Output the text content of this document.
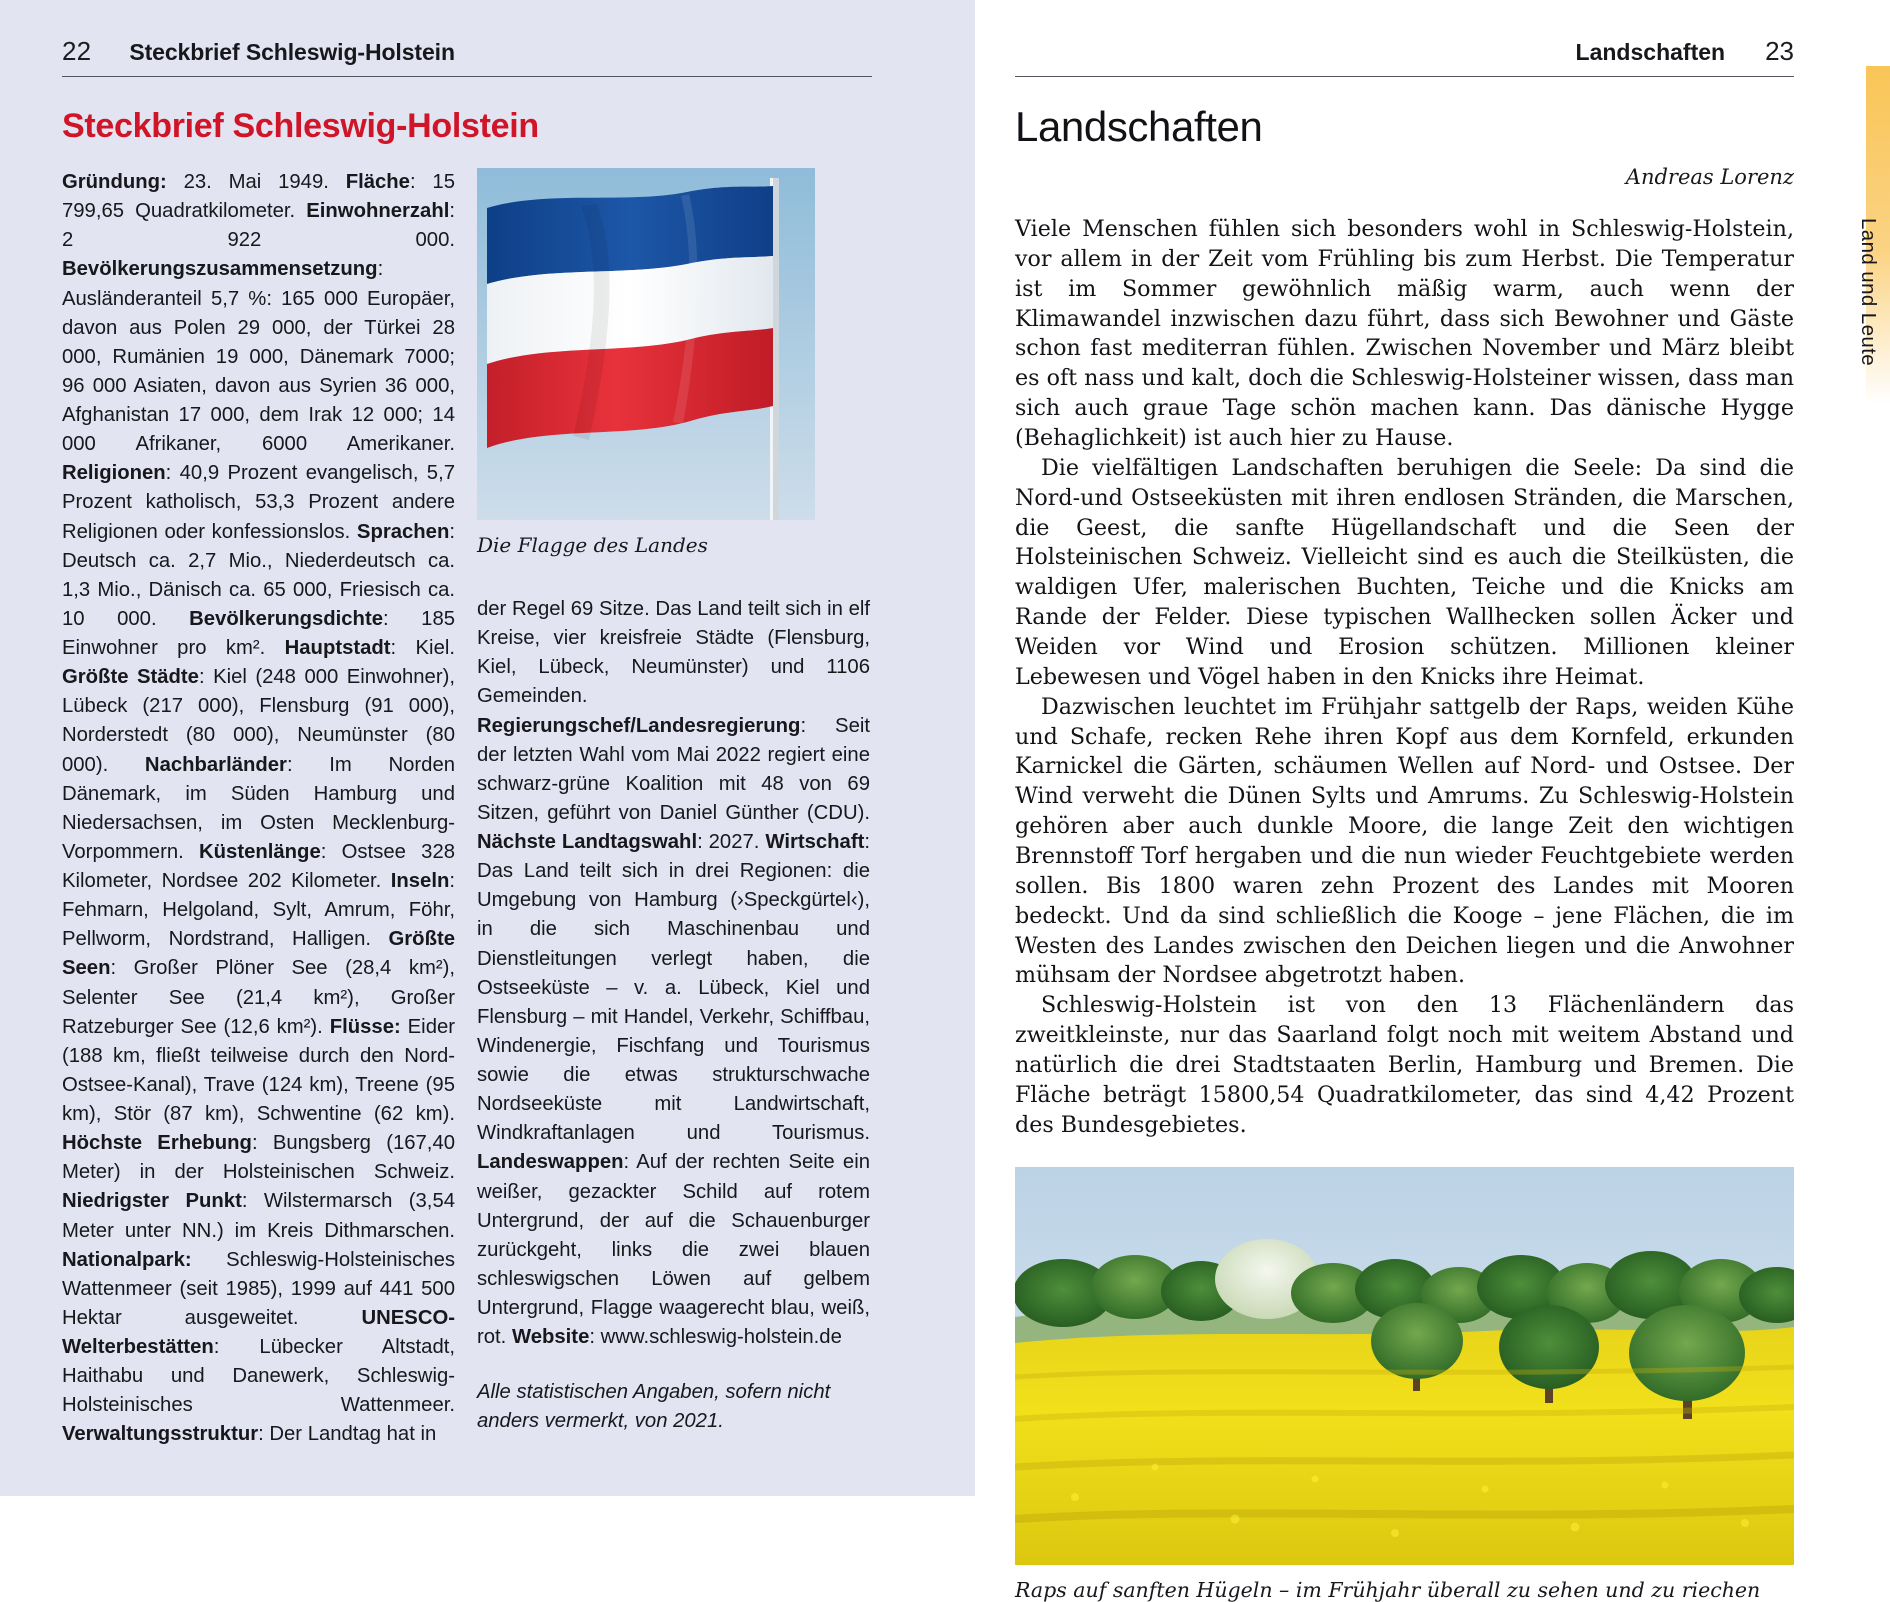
22 Steckbrief Schleswig-Holstein
Steckbrief Schleswig-Holstein

Gründung: 23. Mai 1949. Fläche: 15 799,65 Quadratkilometer. Einwohnerzahl: 2 922 000. Bevölkerungszusammensetzung: Ausländeranteil 5,7 %: 165 000 Europäer, davon aus Polen 29 000, der Türkei 28 000, Rumänien 19 000, Dänemark 7000; 96 000 Asiaten, davon aus Syrien 36 000, Afghanistan 17 000, dem Irak 12 000; 14 000 Afrikaner, 6000 Amerikaner. Religionen: 40,9 Prozent evangelisch, 5,7 Prozent katholisch, 53,3 Prozent andere Religionen oder konfessionslos. Sprachen: Deutsch ca. 2,7 Mio., Niederdeutsch ca. 1,3 Mio., Dänisch ca. 65 000, Friesisch ca. 10 000. Bevölkerungsdichte: 185 Einwohner pro km². Hauptstadt: Kiel. Größte Städte: Kiel (248 000 Einwohner), Lübeck (217 000), Flensburg (91 000), Norderstedt (80 000), Neumünster (80 000). Nachbarländer: Im Norden Dänemark, im Süden Hamburg und Niedersachsen, im Osten Mecklenburg-Vorpommern. Küstenlänge: Ostsee 328 Kilometer, Nordsee 202 Kilometer. Inseln: Fehmarn, Helgoland, Sylt, Amrum, Föhr, Pellworm, Nordstrand, Halligen. Größte Seen: Großer Plöner See (28,4 km²), Selenter See (21,4 km²), Großer Ratzeburger See (12,6 km²). Flüsse: Eider (188 km, fließt teilweise durch den Nord-Ostsee-Kanal), Trave (124 km), Treene (95 km), Stör (87 km), Schwentine (62 km). Höchste Erhebung: Bungsberg (167,40 Meter) in der Holsteinischen Schweiz. Niedrigster Punkt: Wilstermarsch (3,54 Meter unter NN.) im Kreis Dithmarschen. Nationalpark: Schleswig-Holsteinisches Wattenmeer (seit 1985), 1999 auf 441 500 Hektar ausgeweitet. UNESCO-Welterbestätten: Lübecker Altstadt, Haithabu und Danewerk, Schleswig-Holsteinisches Wattenmeer. Verwaltungsstruktur: Der Landtag hat in

Die Flagge des Landes

der Regel 69 Sitze. Das Land teilt sich in elf Kreise, vier kreisfreie Städte (Flensburg, Kiel, Lübeck, Neumünster) und 1106 Gemeinden. Regierungschef/Landesregierung: Seit der letzten Wahl vom Mai 2022 regiert eine schwarz-grüne Koalition mit 48 von 69 Sitzen, geführt von Daniel Günther (CDU). Nächste Landtagswahl: 2027. Wirtschaft: Das Land teilt sich in drei Regionen: die Umgebung von Hamburg (›Speckgürtel‹), in die sich Maschinenbau und Dienstleitungen verlegt haben, die Ostseeküste – v. a. Lübeck, Kiel und Flensburg – mit Handel, Verkehr, Schiffbau, Windenergie, Fischfang und Tourismus sowie die etwas strukturschwache Nordseeküste mit Landwirtschaft, Windkraftanlagen und Tourismus. Landeswappen: Auf der rechten Seite ein weißer, gezackter Schild auf rotem Untergrund, der auf die Schauenburger zurückgeht, links die zwei blauen schleswigschen Löwen auf gelbem Untergrund, Flagge waagerecht blau, weiß, rot. Website: www.schleswig-holstein.de

Alle statistischen Angaben, sofern nicht anders vermerkt, von 2021.

Landschaften 23
Landschaften
Andreas Lorenz

Viele Menschen fühlen sich besonders wohl in Schleswig-Holstein, vor allem in der Zeit vom Frühling bis zum Herbst. Die Temperatur ist im Sommer gewöhnlich mäßig warm, auch wenn der Klimawandel inzwischen dazu führt, dass sich Bewohner und Gäste schon fast mediterran fühlen. Zwischen November und März bleibt es oft nass und kalt, doch die Schleswig-Holsteiner wissen, dass man sich auch graue Tage schön machen kann. Das dänische Hygge (Behaglichkeit) ist auch hier zu Hause.

Die vielfältigen Landschaften beruhigen die Seele: Da sind die Nord-und Ostseeküsten mit ihren endlosen Stränden, die Marschen, die Geest, die sanfte Hügellandschaft und die Seen der Holsteinischen Schweiz. Vielleicht sind es auch die Steilküsten, die waldigen Ufer, malerischen Buchten, Teiche und die Knicks am Rande der Felder. Diese typischen Wallhecken sollen Äcker und Weiden vor Wind und Erosion schützen. Millionen kleiner Lebewesen und Vögel haben in den Knicks ihre Heimat.

Dazwischen leuchtet im Frühjahr sattgelb der Raps, weiden Kühe und Schafe, recken Rehe ihren Kopf aus dem Kornfeld, erkunden Karnickel die Gärten, schäumen Wellen auf Nord- und Ostsee. Der Wind verweht die Dünen Sylts und Amrums. Zu Schleswig-Holstein gehören aber auch dunkle Moore, die lange Zeit den wichtigen Brennstoff Torf hergaben und die nun wieder Feuchtgebiete werden sollen. Bis 1800 waren zehn Prozent des Landes mit Mooren bedeckt. Und da sind schließlich die Kooge – jene Flächen, die im Westen des Landes zwischen den Deichen liegen und die Anwohner mühsam der Nordsee abgetrotzt haben.

Schleswig-Holstein ist von den 13 Flächenländern das zweitkleinste, nur das Saarland folgt noch mit weitem Abstand und natürlich die drei Stadtstaaten Berlin, Hamburg und Bremen. Die Fläche beträgt 15800,54 Quadratkilometer, das sind 4,42 Prozent des Bundesgebietes.

Raps auf sanften Hügeln – im Frühjahr überall zu sehen und zu riechen
Land und Leute
